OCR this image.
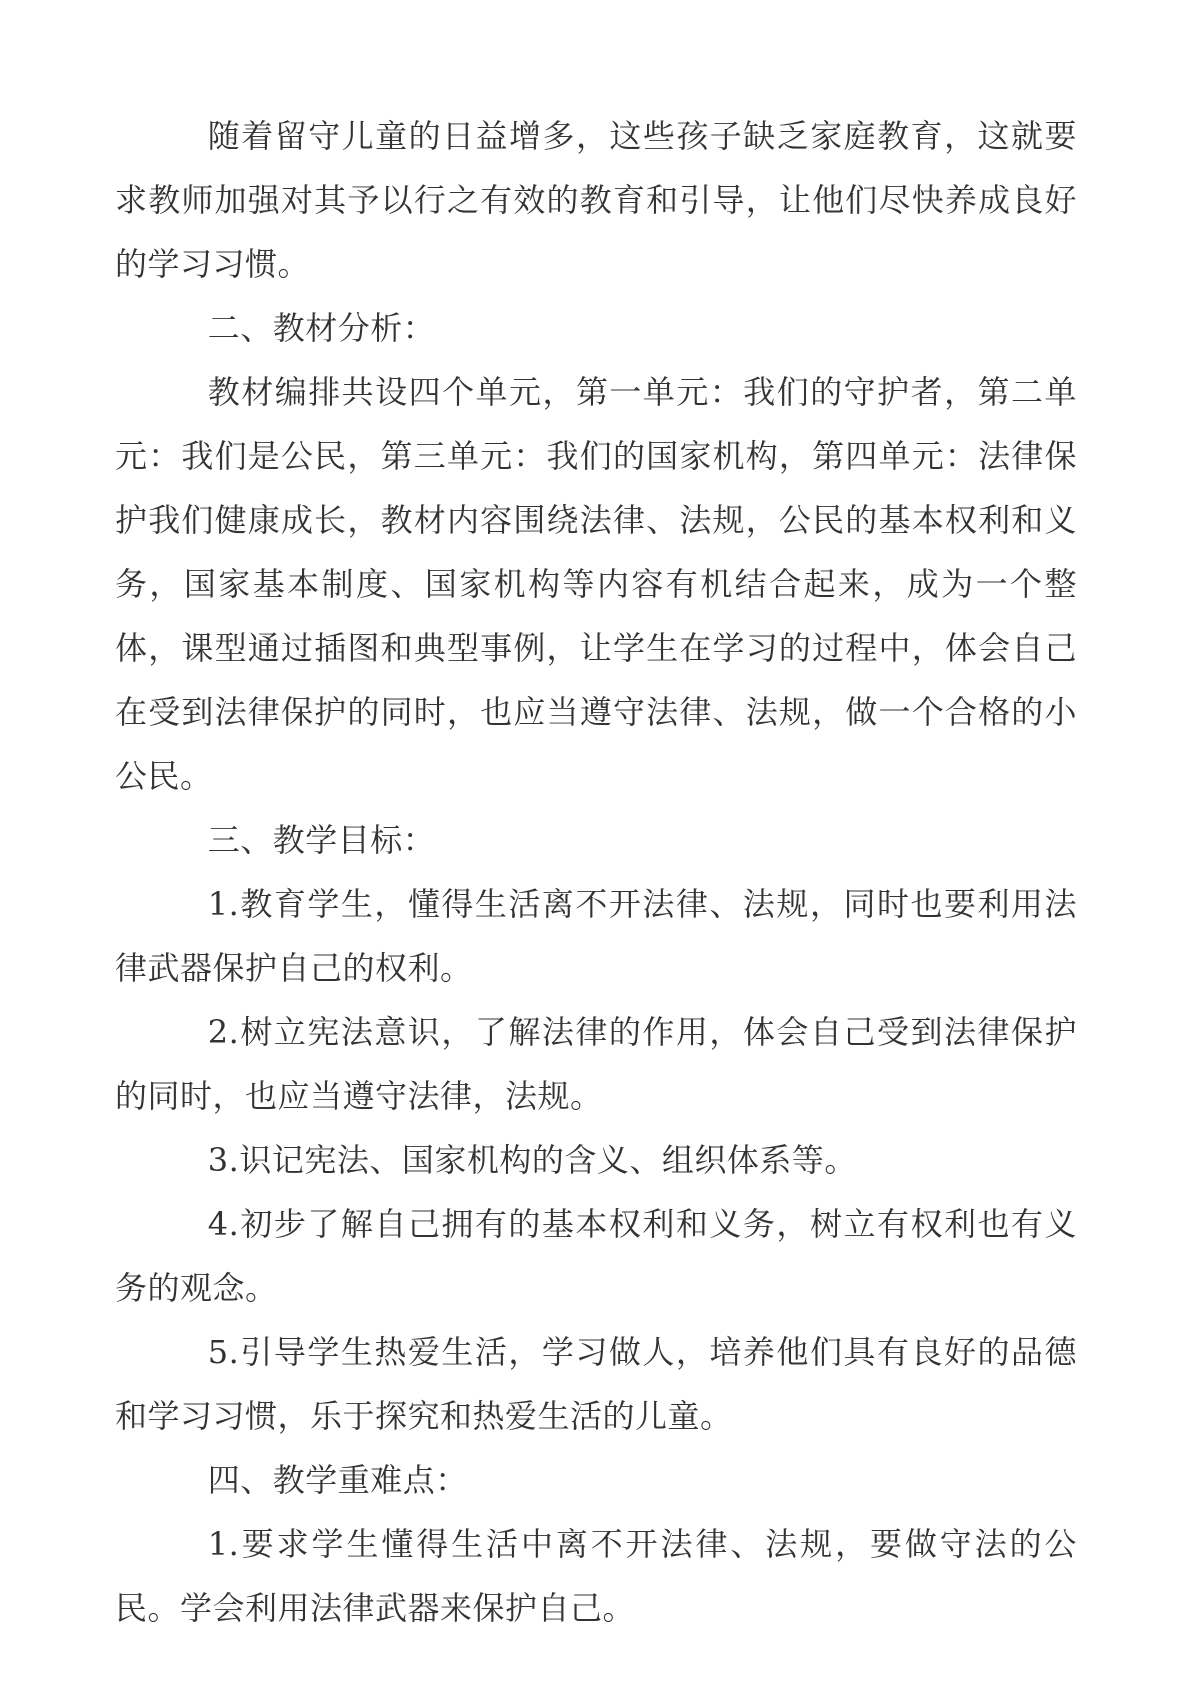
随着留守儿童的日益增多，这些孩子缺乏家庭教育，这就要求教师加强对其予以行之有效的教育和引导，让他们尽快养成良好的学习习惯。

二、教材分析：

教材编排共设四个单元，第一单元：我们的守护者，第二单元：我们是公民，第三单元：我们的国家机构，第四单元：法律保护我们健康成长，教材内容围绕法律、法规，公民的基本权利和义务，国家基本制度、国家机构等内容有机结合起来，成为一个整体，课型通过插图和典型事例，让学生在学习的过程中，体会自己在受到法律保护的同时，也应当遵守法律、法规，做一个合格的小公民。

三、教学目标：

1.教育学生，懂得生活离不开法律、法规，同时也要利用法律武器保护自己的权利。

2.树立宪法意识，了解法律的作用，体会自己受到法律保护的同时，也应当遵守法律，法规。

3.识记宪法、国家机构的含义、组织体系等。

4.初步了解自己拥有的基本权利和义务，树立有权利也有义务的观念。

5.引导学生热爱生活，学习做人，培养他们具有良好的品德和学习习惯，乐于探究和热爱生活的儿童。

四、教学重难点：

1.要求学生懂得生活中离不开法律、法规，要做守法的公民。学会利用法律武器来保护自己。
